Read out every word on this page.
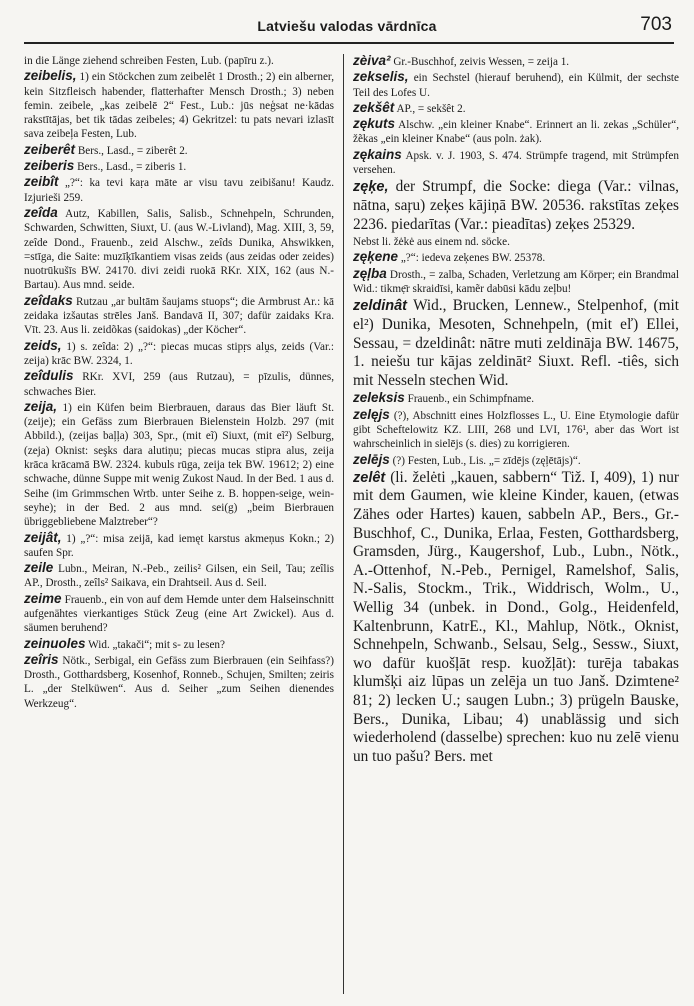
Latviešu valodas vārdnīca	703

in die Länge ziehend schreiben Festen, Lub. (papīru z.).

zeibelis, 1) ein Stöckchen zum zeibelêt 1 Drosth.; 2) ein alberner, kein Sitzfleisch habender, flatterhafter Mensch Drosth.; 3) neben femin. zeibele, „kas zeibelē 2“ Fest., Lub.: jūs neģsat ne·kādas rakstītājas, bet tik tādas zeibeles; 4) Gekritzel: tu pats nevari izlasīt sava zeibeļa Festen, Lub.

zeiberêt Bers., Lasd., = ziberêt 2.

zeiberis Bers., Lasd., = ziberis 1.

zeibît „?“: ka tevi kaṛa māte ar visu tavu zeibišanu! Kaudz. Izjurieši 259.

zeîda Autz, Kabillen, Salis, Salisb., Schnehpeln, Schrunden, Schwarden, Schwitten, Siuxt, U. (aus W.-Livland), Mag. XIII, 3, 59, zeîde Dond., Frauenb., zeid Alschw., zeîds Dunika, Ahswikken, =stīga, die Saite: muzīķīkantiem visas zeids (aus zeidas oder zeides) nuotrūkušīs BW. 24170. divi zeidi ruokā RKr. XIX, 162 (aus N.-Bartau). Aus mnd. seide.

zeîdaks Rutzau „ar bultām šaujams stuops“; die Armbrust Ar.: kā zeidaka izšautas strēles Janš. Bandavā II, 307; dafür zaidaks Kra. Vīt. 23. Aus li. zeidõkas (saidokas) „der Köcher“.

zeids, 1) s. zeîda: 2) „?“: piecas mucas stipṛs alṷs, zeids (Var.: zeija) krāc BW. 2324, 1.

zeîdulis RKr. XVI, 259 (aus Rutzau), = pīzulis, dünnes, schwaches Bier.

zeija, 1) ein Küfen beim Bierbrauen, daraus das Bier läuft St. (zeije); ein Gefäss zum Bierbrauen Bielenstein Holzb. 297 (mit Abbild.), (zeijas baļļa) 303, Spr., (mit eĩ) Siuxt, (mit eĩ²) Selburg, (zeja) Oknist: seşks dara alutiņu; piecas mucas stipra alus, zeija krāca krācamā BW. 2324. kubuls rūga, zeija tek BW. 19612; 2) eine schwache, dünne Suppe mit wenig Zukost Naud. In der Bed. 1 aus d. Seihe (im Grimmschen Wrtb. unter Seihe z. B. hoppen-seige, wein-seyhe); in der Bed. 2 aus mnd. sei(g) „beim Bierbrauen übriggebliebene Malztreber“?

zeijât, 1) „?“: misa zeijā, kad iemęt karstus akmeņus Kokn.; 2) saufen Spr.

zeile Lubn., Meiran, N.-Peb., zeilis² Gilsen, ein Seil, Tau; zeîlis AP., Drosth., zeîls² Saikava, ein Drahtseil. Aus d. Seil.

zeime Frauenb., ein von auf dem Hemde unter dem Halseinschnitt aufgenähtes vierkantiges Stück Zeug (eine Art Zwickel). Aus d. säumen beruhend?

zeinuoles Wid. „takači“; mit s- zu lesen?

zeîris Nötk., Serbigal, ein Gefäss zum Bierbrauen (ein Seihfass?) Drosth., Gotthardsberg, Kosenhof, Ronneb., Schujen, Smilten; zeiris L. „der Stelküwen“. Aus d. Seiher „zum Seihen dienendes Werkzeug“.

zèiva² Gr.-Buschhof, zeivis Wessen, = zeija 1.

zekselis, ein Sechstel (hierauf beruhend), ein Külmit, der sechste Teil des Lofes U.

zekšêt AP., = sekšêt 2.

zękuts Alschw. „ein kleiner Knabe“. Erinnert an li. zekas „Schüler“, žẽkas „ein kleiner Knabe“ (aus poln. żak).

zękains Apsk. v. J. 1903, S. 474. Strümpfe tragend, mit Strümpfen versehen.

zęķe, der Strumpf, die Socke: diega (Var.: vilnas, nātna, saŗu) zeķes kājiņā BW. 20536. rakstītas zeķes 2236. piedarītas (Var.: pieadītas) zeķes 25329.

Nebst li. žėkė aus einem nd. söcke.

zęķene „?“: iedeva zeķenes BW. 25378.

zęļba Drosth., = zalba, Schaden, Verletzung am Körper; ein Brandmal Wid.: tikmẹ̄r skraidīsi, kamẽr dabūsi kādu zeļbu!

zeldinât Wid., Brucken, Lennew., Stelpenhof, (mit el²) Dunika, Mesoten, Schnehpeln, (mit eľ) Ellei, Sessau, = dzeldinât: nātre muti zeldināja BW. 14675, 1. neiešu tur kājas zeldināt² Siuxt. Refl. -tiês, sich mit Nesseln stechen Wid.

zeleksis Frauenb., ein Schimpfname.

zelęjs (?), Abschnitt eines Holzflosses L., U. Eine Etymologie dafür gibt Scheftelowitz KZ. LIII, 268 und LVI, 176¹, aber das Wort ist wahrscheinlich in sielējs (s. dies) zu korrigieren.

zelējs (?) Festen, Lub., Lis. „= zīdējs (zęļētājs)“.

zelêt (li. želėti „kauen, sabbern“ Tiž. I, 409), 1) nur mit dem Gaumen, wie kleine Kinder, kauen, (etwas Zähes oder Hartes) kauen, sabbeln AP., Bers., Gr.-Buschhof, C., Dunika, Erlaa, Festen, Gotthardsberg, Gramsden, Jürg., Kaugershof, Lub., Lubn., Nötk., A.-Ottenhof, N.-Peb., Pernigel, Ramelshof, Salis, N.-Salis, Stockm., Trik., Widdrisch, Wolm., U., Wellig 34 (unbek. in Dond., Golg., Heidenfeld, Kaltenbrunn, KatrE., Kl., Mahlup, Nötk., Oknist, Schnehpeln, Schwanb., Selsau, Selg., Sessw., Siuxt, wo dafür kuošļāt resp. kuožļāt): turēja tabakas klumšķi aiz lūpas un zelēja un tuo Janš. Dzimtene² 81; 2) lecken U.; saugen Lubn.; 3) prügeln Bauske, Bers., Dunika, Libau; 4) unablässig und sich wiederholend (dasselbe) sprechen: kuo nu zelē vienu un tuo pašu? Bers. met
